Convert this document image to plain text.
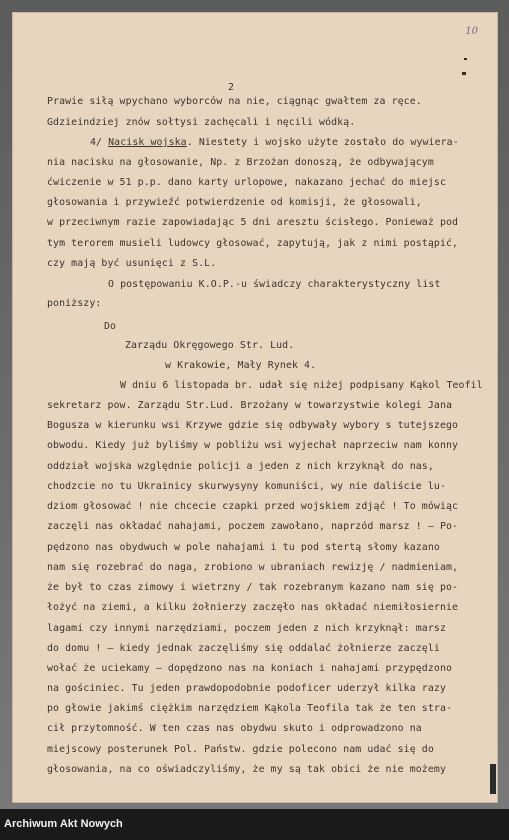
10
2
Prawie siłą wpychano wyborców na nie, ciągnąc gwałtem za ręce.
Gdzieindziej znów sołtysi zachęcali i nęcili wódką.
4/ Nacisk wojska. Niestety i wojsko użyte zostało do wywiera-
nia nacisku na głosowanie, Np. z Brzożan donoszą, że odbywającym
ćwiczenie w 51 p.p. dano karty urlopowe, nakazano jechać do miejsc
głosowania i przywieźć potwierdzenie od komisji, że głosowali,
w przeciwnym razie zapowiadając 5 dni aresztu ścisłego. Ponieważ pod
tym terorem musieli ludowcy głosować, zapytują, jak z nimi postąpić,
czy mają być usunięci z S.L.
O postępowaniu K.O.P.-u świadczy charakterystyczny list
poniższy:
Do
Zarządu Okręgowego Str. Lud.
w Krakowie, Mały Rynek 4.
W dniu 6 listopada br. udał się niżej podpisany Kąkol Teofil
sekretarz pow. Zarządu Str.Lud. Brzożany w towarzystwie kolegi Jana
Bogusza w kierunku wsi Krzywe gdzie się odbywały wybory s tutejszego
obwodu. Kiedy już byliśmy w pobliżu wsi wyjechał naprzeciw nam konny
oddział wojska względnie policji a jeden z nich krzyknął do nas,
chodzcie no tu Ukrainicy skurwysyny komuniści, wy nie daliście lu-
dziom głosować ! nie chcecie czapki przed wojskiem zdjąć ! To mówiąc
zaczęli nas okładać nahajami, poczem zawołano, naprzód marsz ! – Po-
pędzono nas obydwuch w pole nahajami i tu pod stertą słomy kazano
nam się rozebrać do naga, zrobiono w ubraniach rewizję / nadmieniam,
że był to czas zimowy i wietrzny / tak rozebranym kazano nam się po-
łożyć na ziemi, a kilku żołnierzy zaczęło nas okładać niemiłosiernie
lagami czy innymi narzędziami, poczem jeden z nich krzyknął: marsz
do domu ! – kiedy jednak zaczęliśmy się oddalać żołnierze zaczęli
wołać że uciekamy – dopędzono nas na koniach i nahajami przypędzono
na gościniec. Tu jeden prawdopodobnie podoficer uderzył kilka razy
po głowie jakimś ciężkim narzędziem Kąkola Teofila tak że ten stra-
cił przytomność. W ten czas nas obydwu skuto i odprowadzono na
miejscowy posterunek Pol. Państw. gdzie polecono nam udać się do
głosowania, na co oświadczyliśmy, że my są tak obici że nie możemy
Archiwum Akt Nowych
